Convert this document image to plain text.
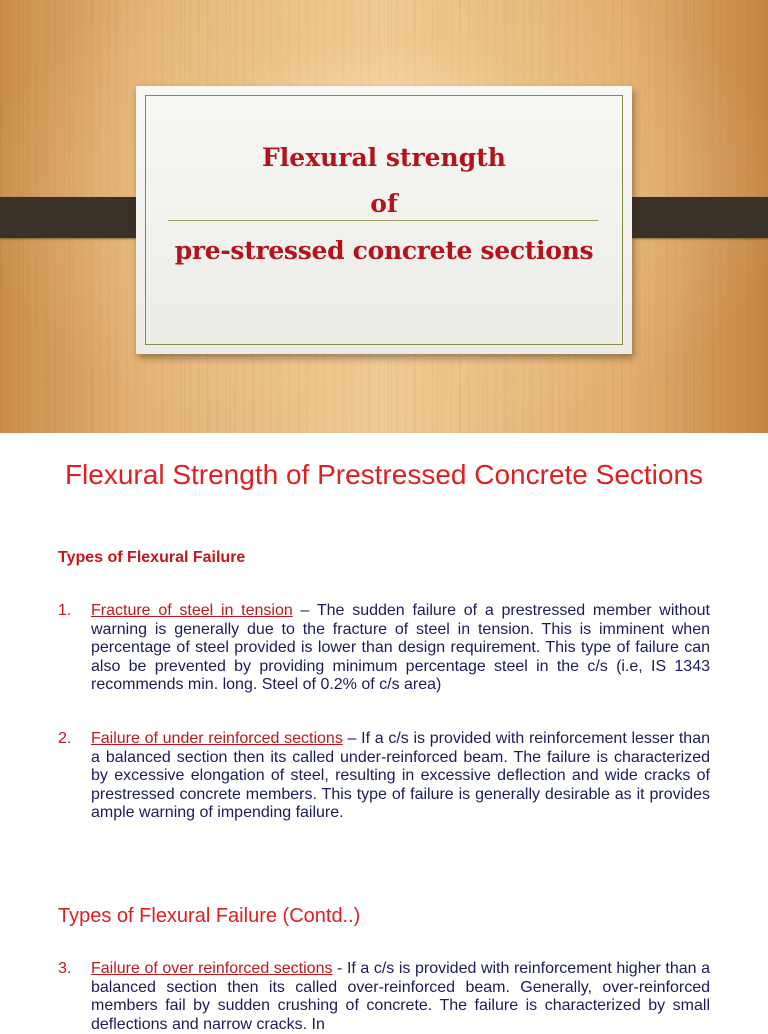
Flexural strength
of
pre-stressed concrete sections
Flexural Strength of Prestressed Concrete Sections
Types of Flexural Failure
1. Fracture of steel in tension – The sudden failure of a prestressed member without warning is generally due to the fracture of steel in tension. This is imminent when percentage of steel provided is lower than design requirement. This type of failure can also be prevented by providing minimum percentage steel in the c/s (i.e, IS 1343 recommends min. long. Steel of 0.2% of c/s area)
2. Failure of under reinforced sections – If a c/s is provided with reinforcement lesser than a balanced section then its called under-reinforced beam. The failure is characterized by excessive elongation of steel, resulting in excessive deflection and wide cracks of prestressed concrete members. This type of failure is generally desirable as it provides ample warning of impending failure.
Types of Flexural Failure (Contd..)
3. Failure of over reinforced sections - If a c/s is provided with reinforcement higher than a balanced section then its called over-reinforced beam. Generally, over-reinforced members fail by sudden crushing of concrete. The failure is characterized by small deflections and narrow cracks. In
